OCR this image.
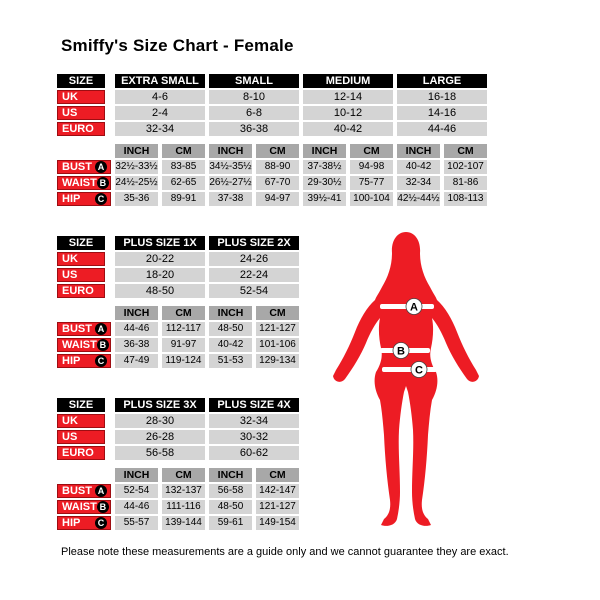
Smiffy's Size Chart - Female
SIZE	EXTRA SMALL	SMALL	MEDIUM	LARGE
UK	4-6	8-10	12-14	16-18
US	2-4	6-8	10-12	14-16
EURO	32-34	36-38	40-42	44-46
INCH	CM	INCH	CM	INCH	CM	INCH	CM
BUST A 32½-33½	83-85	34½-35½	88-90	37-38½	94-98	40-42	102-107
WAIST B 24½-25½	62-65	26½-27½	67-70	29-30½	75-77	32-34	81-86
HIP	C	35-36	89-91	37-38	94-97	39½-41	100-104 42½-44½ 108-113
SIZE	PLUS SIZE 1X	PLUS SIZE 2X
UK	20-22	24-26
US	18-20	22-24
EURO	48-50	52-54
INCH	CM	INCH	CM
BUST A	44-46	112-117	48-50	121-127
WAIST B	36-38	91-97	40-42	101-106
HIP	C	47-49	119-124	51-53	129-134
SIZE	PLUS SIZE 3X	PLUS SIZE 4X
UK	28-30	32-34
US	26-28	30-32
EURO	56-58	60-62
INCH	CM	INCH	CM
BUST A	52-54	132-137	56-58	142-147
WAIST B	44-46	111-116	48-50	121-127
HIP	C	55-57	139-144	59-61	149-154
A
B
C
Please note these measurements are a guide only and we cannot guarantee they are exact.
